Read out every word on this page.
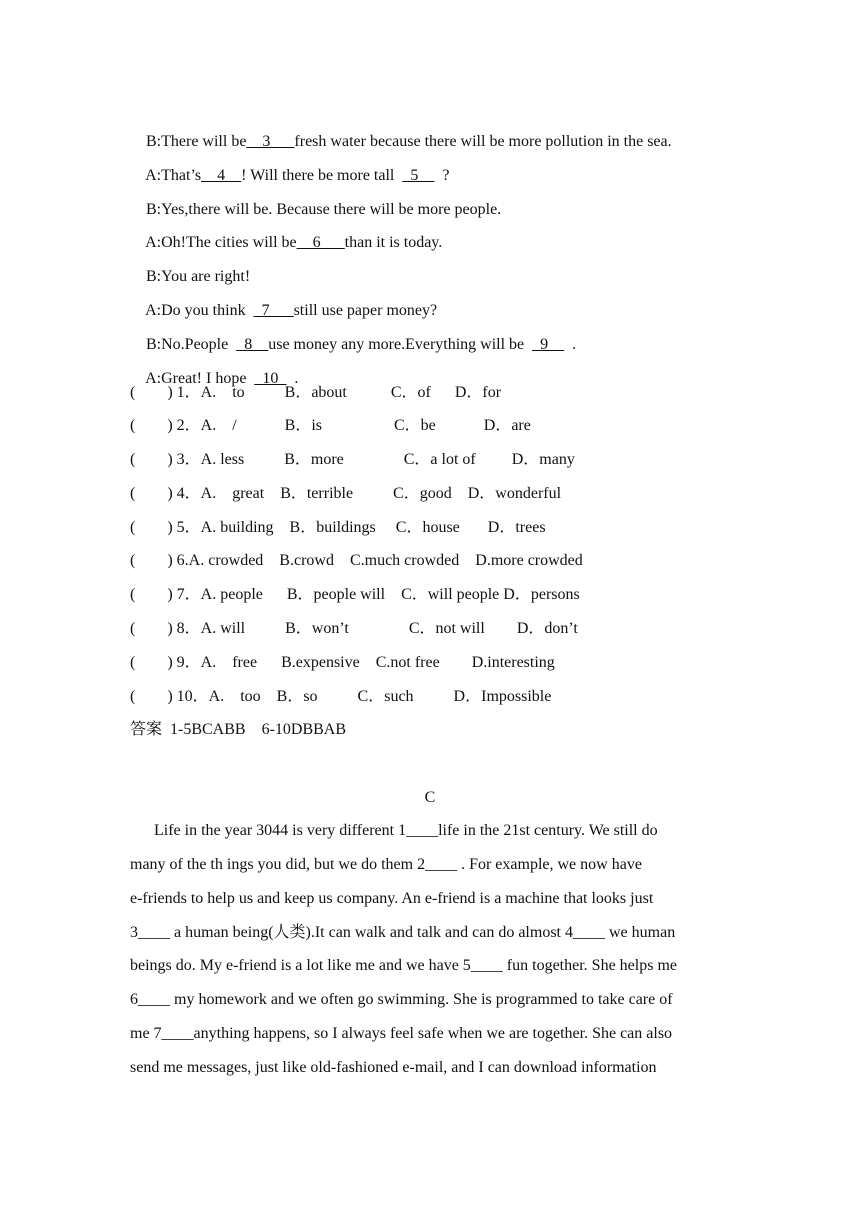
B:There will be__3___fresh water because there will be more pollution in the sea.

A:That’s__4__! Will there be more tall  _5__  ?

B:Yes,there will be. Because there will be more people.

A:Oh!The cities will be__6___than it is today.

B:You are right!

A:Do you think  _7___still use paper money?

B:No.People  _8__use money any more.Everything will be  _9__  .

A:Great! I hope  _10_  .

(        ) 1．A.    to          B．about           C．of      D．for
(        ) 2．A.    /            B．is                  C．be            D．are
(        ) 3．A. less          B．more               C．a lot of         D．many
(        ) 4．A.    great    B．terrible          C．good    D．wonderful
(        ) 5．A. building    B．buildings     C．house       D．trees
(        ) 6.A. crowded    B.crowd    C.much crowded    D.more crowded
(        ) 7．A. people      B．people will    C．will people D．persons
(        ) 8．A. will          B．won’t               C．not will        D．don’t
(        ) 9．A.    free      B.expensive    C.not free        D.interesting
(        ) 10．A.    too    B．so          C．such          D．Impossible
答案  1-5BCABB    6-10DBBAB
C
Life in the year 3044 is very different 1____life in the 21st century. We still do
many of the th ings you did, but we do them 2____ . For example, we now have
e-friends to help us and keep us company. An e-friend is a machine that looks just
3____ a human being(人类).It can walk and talk and can do almost 4____ we human
beings do. My e-friend is a lot like me and we have 5____ fun together. She helps me
6____ my homework and we often go swimming. She is programmed to take care of
me 7____anything happens, so I always feel safe when we are together. She can also
send me messages, just like old-fashioned e-mail, and I can download information
